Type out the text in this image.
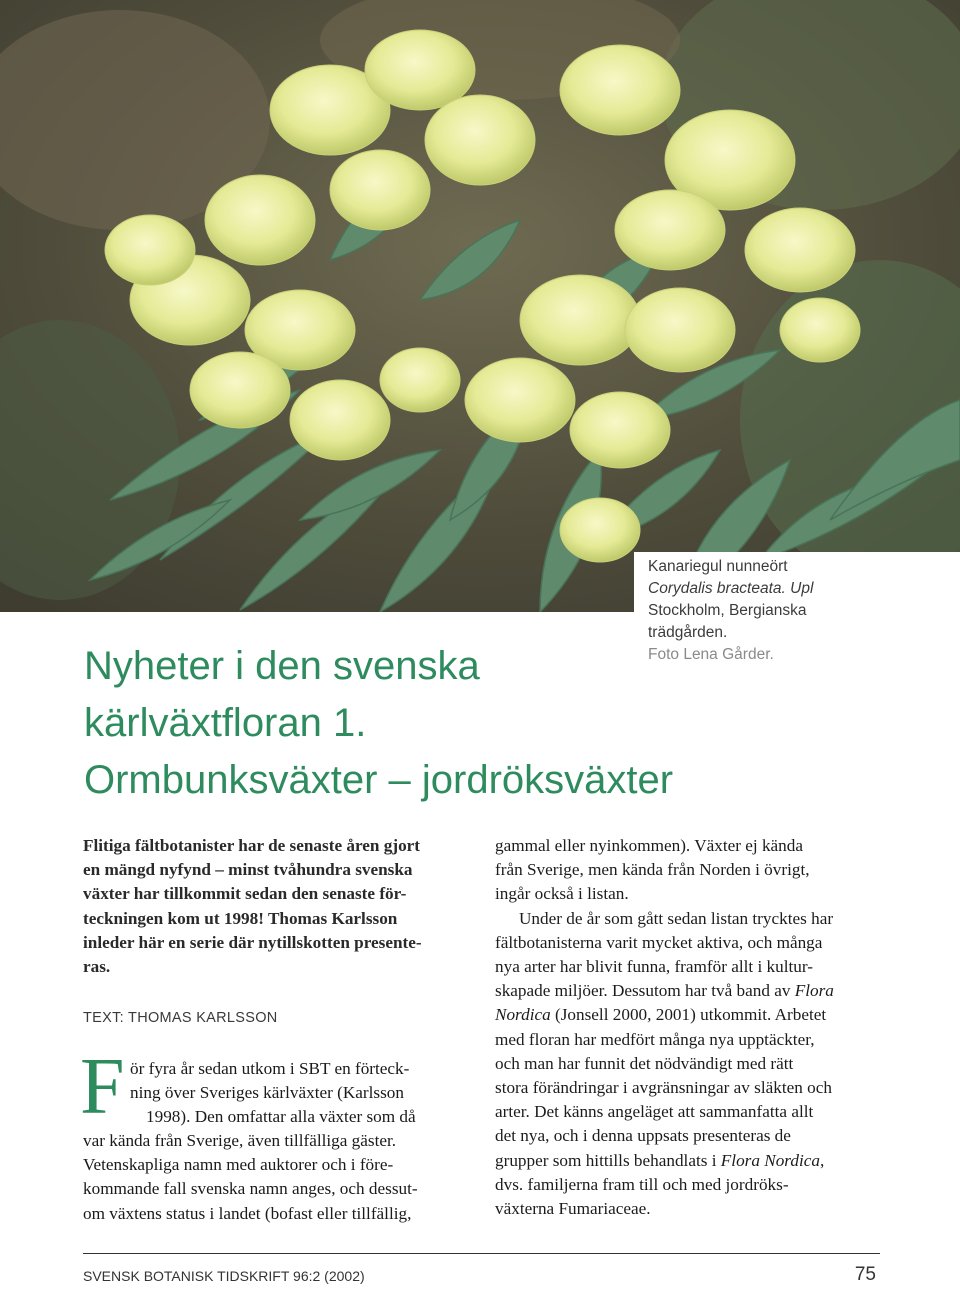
Kanariegul nunneört
Corydalis bracteata. Upl
Stockholm, Bergianska
trädgården.
Foto Lena Gårder.
Nyheter i den svenska
kärlväxtfloran 1.
Ormbunksväxter – jordröksväxter
Flitiga fältbotanister har de senaste åren gjort
en mängd nyfynd – minst tvåhundra svenska
växter har tillkommit sedan den senaste för-
teckningen kom ut 1998! Thomas Karlsson
inleder här en serie där nytillskotten presente-
ras.
TEXT: THOMAS KARLSSON
F ör fyra år sedan utkom i SBT en förteck-
ning över Sveriges kärlväxter (Karlsson
1998). Den omfattar alla växter som då
var kända från Sverige, även tillfälliga gäster.
Vetenskapliga namn med auktorer och i före-
kommande fall svenska namn anges, och dessut-
om växtens status i landet (bofast eller tillfällig,
gammal eller nyinkommen). Växter ej kända
från Sverige, men kända från Norden i övrigt,
ingår också i listan.
Under de år som gått sedan listan trycktes har
fältbotanisterna varit mycket aktiva, och många
nya arter har blivit funna, framför allt i kultur-
skapade miljöer. Dessutom har två band av Flora
Nordica (Jonsell 2000, 2001) utkommit. Arbetet
med floran har medfört många nya upptäckter,
och man har funnit det nödvändigt med rätt
stora förändringar i avgränsningar av släkten och
arter. Det känns angeläget att sammanfatta allt
det nya, och i denna uppsats presenteras de
grupper som hittills behandlats i Flora Nordica,
dvs. familjerna fram till och med jordröks-
växterna Fumariaceae.
SVENSK BOTANISK TIDSKRIFT 96:2 (2002)	75
